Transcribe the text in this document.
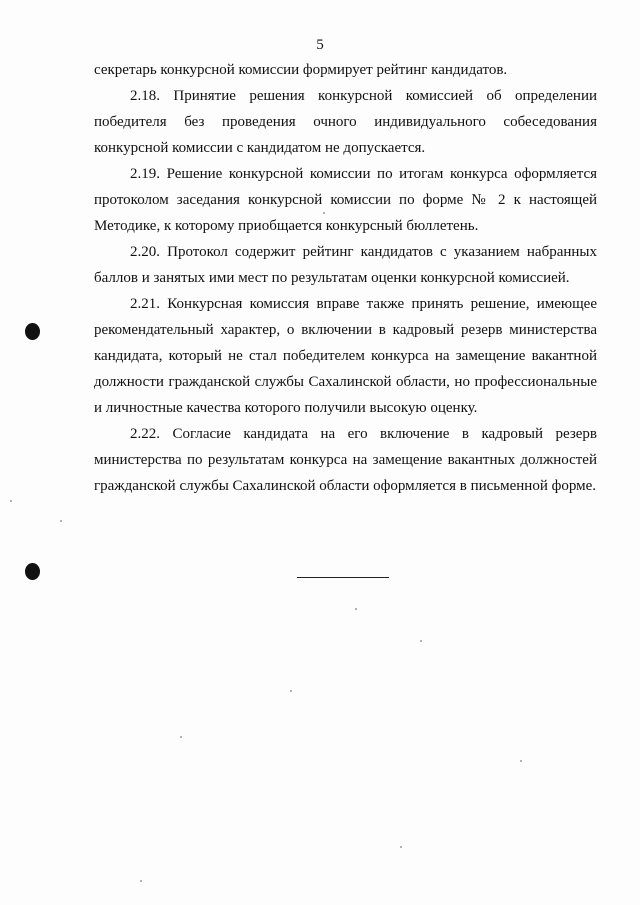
5
секретарь конкурсной комиссии формирует рейтинг кандидатов.
2.18. Принятие решения конкурсной комиссией об определении
победителя без проведения очного индивидуального собеседования
конкурсной комиссии с кандидатом не допускается.
2.19. Решение конкурсной комиссии по итогам конкурса оформляется
протоколом заседания конкурсной комиссии по форме № 2 к настоящей
Методике, к которому приобщается конкурсный бюллетень.
2.20. Протокол содержит рейтинг кандидатов с указанием набранных
баллов и занятых ими мест по результатам оценки конкурсной комиссией.
2.21. Конкурсная комиссия вправе также принять решение, имеющее
рекомендательный характер, о включении в кадровый резерв министерства
кандидата, который не стал победителем конкурса на замещение вакантной
должности гражданской службы Сахалинской области, но профессиональные
и личностные качества которого получили высокую оценку.
2.22. Согласие кандидата на его включение в кадровый резерв
министерства по результатам конкурса на замещение вакантных должностей
гражданской службы Сахалинской области оформляется в письменной форме.
